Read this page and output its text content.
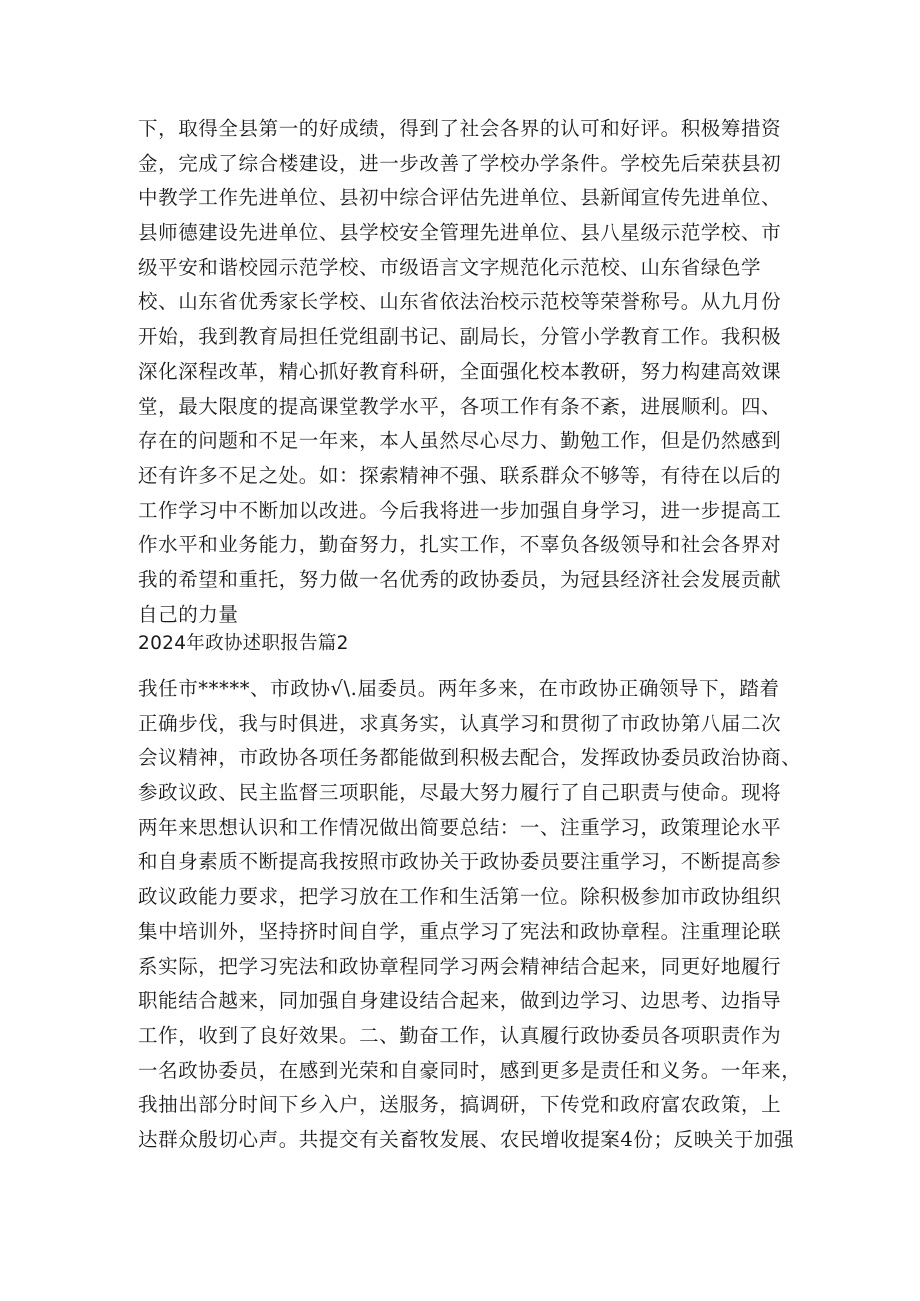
下，取得全县第一的好成绩，得到了社会各界的认可和好评。积极筹措资
金，完成了综合楼建设，进一步改善了学校办学条件。学校先后荣获县初
中教学工作先进单位、县初中综合评估先进单位、县新闻宣传先进单位、
县师德建设先进单位、县学校安全管理先进单位、县八星级示范学校、市
级平安和谐校园示范学校、市级语言文字规范化示范校、山东省绿色学
校、山东省优秀家长学校、山东省依法治校示范校等荣誉称号。从九月份
开始，我到教育局担任党组副书记、副局长，分管小学教育工作。我积极
深化深程改革，精心抓好教育科研，全面强化校本教研，努力构建高效课
堂，最大限度的提高课堂教学水平，各项工作有条不紊，进展顺利。四、
存在的问题和不足一年来，本人虽然尽心尽力、勤勉工作，但是仍然感到
还有许多不足之处。如：探索精神不强、联系群众不够等，有待在以后的
工作学习中不断加以改进。今后我将进一步加强自身学习，进一步提高工
作水平和业务能力，勤奋努力，扎实工作，不辜负各级领导和社会各界对
我的希望和重托，努力做一名优秀的政协委员，为冠县经济社会发展贡献
自己的力量
2024年政协述职报告篇2
我任市*****、市政协√\.届委员。两年多来，在市政协正确领导下，踏着
正确步伐，我与时俱进，求真务实，认真学习和贯彻了市政协第八届二次
会议精神，市政协各项任务都能做到积极去配合，发挥政协委员政治协商、
参政议政、民主监督三项职能，尽最大努力履行了自己职责与使命。现将
两年来思想认识和工作情况做出简要总结：一、注重学习，政策理论水平
和自身素质不断提高我按照市政协关于政协委员要注重学习，不断提高参
政议政能力要求，把学习放在工作和生活第一位。除积极参加市政协组织
集中培训外，坚持挤时间自学，重点学习了宪法和政协章程。注重理论联
系实际，把学习宪法和政协章程同学习两会精神结合起来，同更好地履行
职能结合越来，同加强自身建设结合起来，做到边学习、边思考、边指导
工作，收到了良好效果。二、勤奋工作，认真履行政协委员各项职责作为
一名政协委员，在感到光荣和自豪同时，感到更多是责任和义务。一年来，
我抽出部分时间下乡入户，送服务，搞调研，下传党和政府富农政策，上
达群众殷切心声。共提交有关畜牧发展、农民增收提案4份；反映关于加强
